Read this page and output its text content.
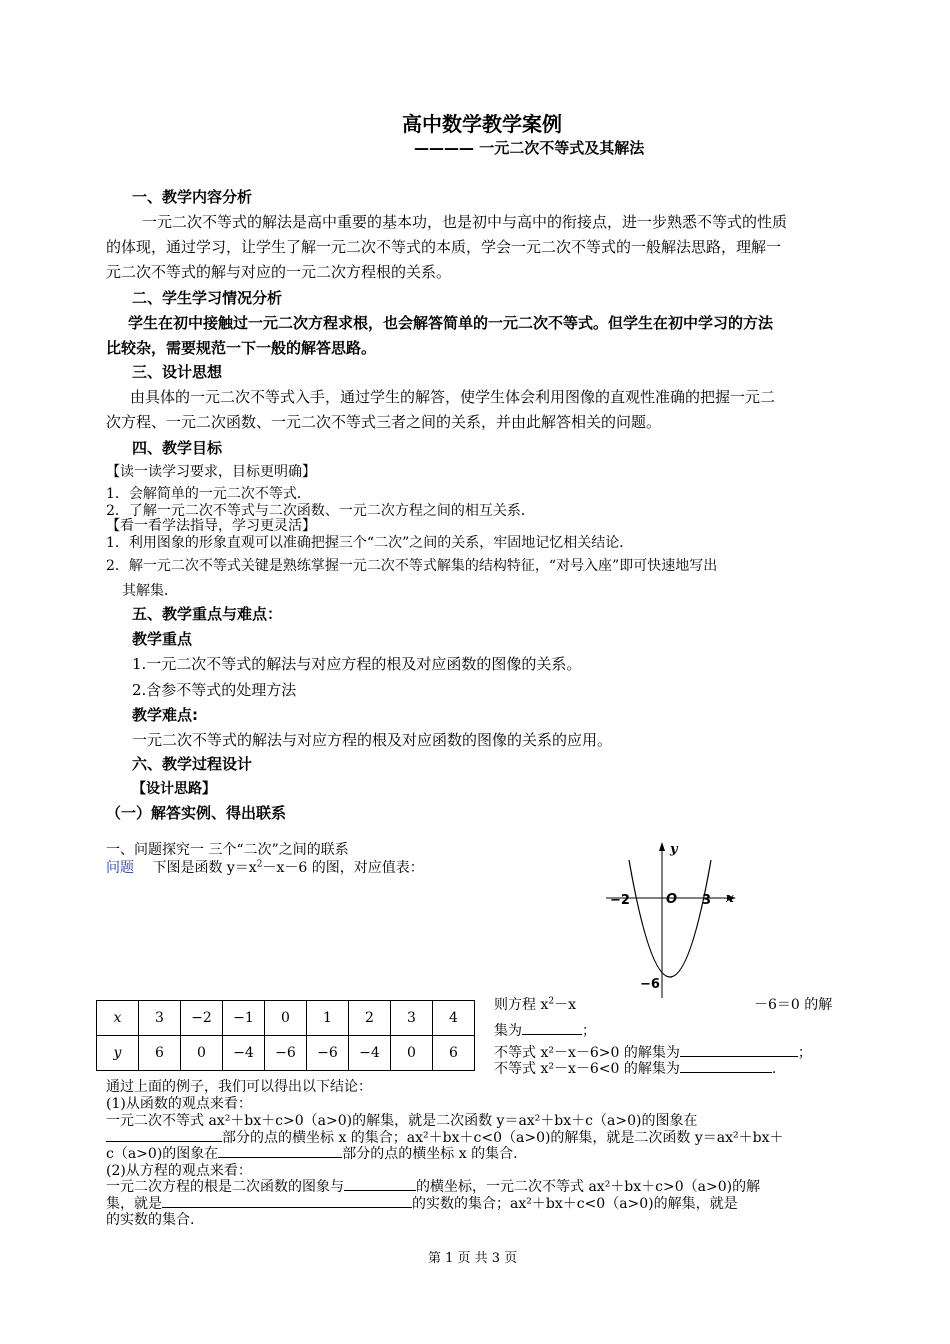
高中数学教学案例
———— 一元二次不等式及其解法
一、教学内容分析
一元二次不等式的解法是高中重要的基本功，也是初中与高中的衔接点，进一步熟悉不等式的性质
的体现，通过学习，让学生了解一元二次不等式的本质，学会一元二次不等式的一般解法思路，理解一
元二次不等式的解与对应的一元二次方程根的关系。
二、学生学习情况分析
学生在初中接触过一元二次方程求根，也会解答简单的一元二次不等式。但学生在初中学习的方法
比较杂，需要规范一下一般的解答思路。
三、设计思想
由具体的一元二次不等式入手，通过学生的解答，使学生体会利用图像的直观性准确的把握一元二
次方程、一元二次函数、一元二次不等式三者之间的关系，并由此解答相关的问题。
四、教学目标
【读一读学习要求，目标更明确】
1．会解简单的一元二次不等式．
2．了解一元二次不等式与二次函数、一元二次方程之间的相互关系．
【看一看学法指导，学习更灵活】
1．利用图象的形象直观可以准确把握三个“二次”之间的关系，牢固地记忆相关结论．
2．解一元二次不等式关键是熟练掌握一元二次不等式解集的结构特征，“对号入座”即可快速地写出
其解集．
五、教学重点与难点：
教学重点
1.一元二次不等式的解法与对应方程的根及对应函数的图像的关系。
2.含参不等式的处理方法
教学难点:
一元二次不等式的解法与对应方程的根及对应函数的图像的关系的应用。
六、教学过程设计
【设计思路】
（一）解答实例、得出联系
一、问题探究一 三个“二次”之间的联系
问题 下图是函数 $y=x^2-x-6$ 的图，对应值表：
y
x
O
−2	3
−6
x	3	−2	−1	0	1	2	3	4
y	6	0	−4	−6	−6	−4	0	6
则方程 $x^2-x$	－6＝0 的解
集为	；
不等式 x²－x－6>0 的解集为	；
不等式 x²－x－6<0 的解集为	.
通过上面的例子，我们可以得出以下结论：
(1)从函数的观点来看：
一元二次不等式 ax²＋bx＋c>0（a>0)的解集，就是二次函数 y＝ax²＋bx＋c（a>0)的图象在
部分的点的横坐标 x 的集合；ax²＋bx＋c<0（a>0)的解集，就是二次函数 y＝ax²＋bx＋
c（a>0)的图象在	部分的点的横坐标 x 的集合.
(2)从方程的观点来看：
一元二次方程的根是二次函数的图象与	的横坐标，一元二次不等式 ax²＋bx＋c>0（a>0)的解
集，就是	的实数的集合；ax²＋bx＋c<0（a>0)的解集，就是
的实数的集合.
第 1 页 共 3 页
